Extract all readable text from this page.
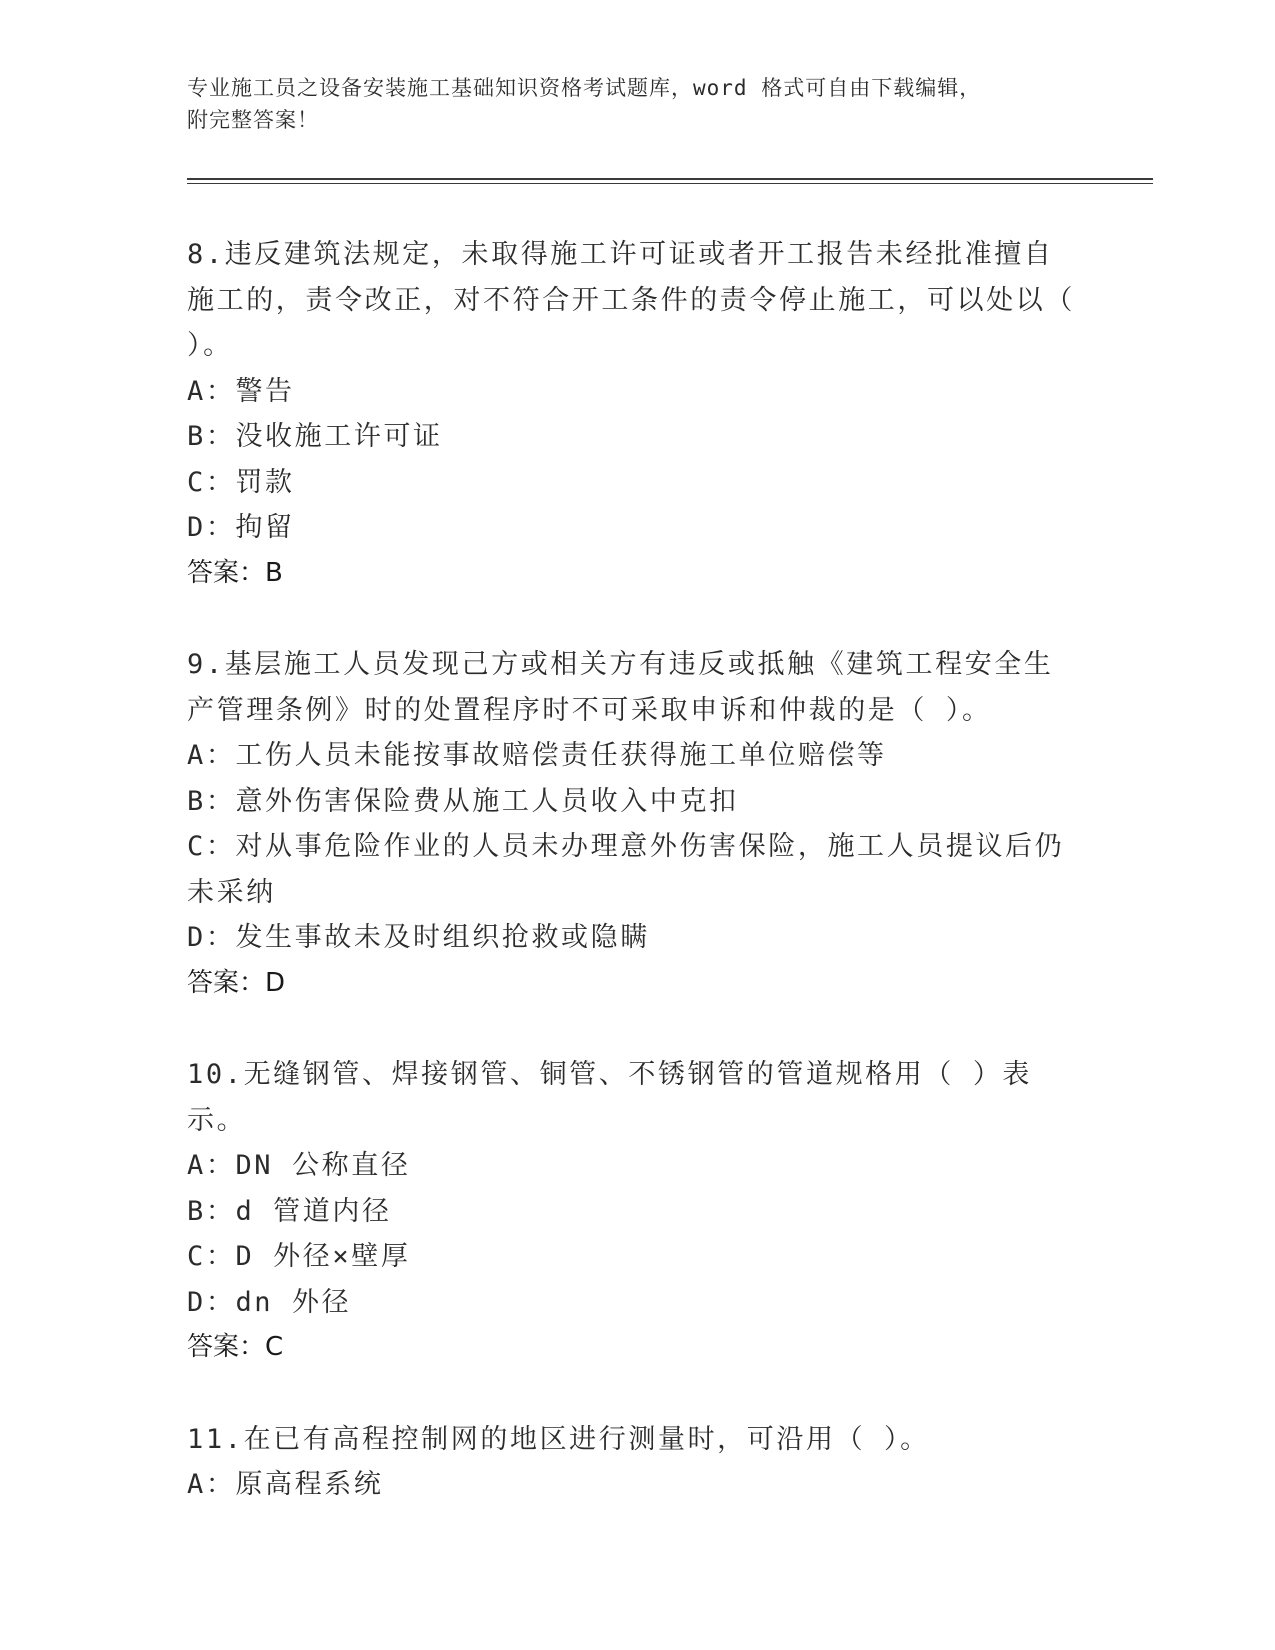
专业施工员之设备安装施工基础知识资格考试题库，word 格式可自由下载编辑，
附完整答案！
8.违反建筑法规定，未取得施工许可证或者开工报告未经批准擅自施工的，责令改正，对不符合开工条件的责令停止施工，可以处以（ ）。
A：警告
B：没收施工许可证
C：罚款
D：拘留
答案：B
9.基层施工人员发现己方或相关方有违反或抵触《建筑工程安全生产管理条例》时的处置程序时不可采取申诉和仲裁的是（ ）。
A：工伤人员未能按事故赔偿责任获得施工单位赔偿等
B：意外伤害保险费从施工人员收入中克扣
C：对从事危险作业的人员未办理意外伤害保险，施工人员提议后仍未采纳
D：发生事故未及时组织抢救或隐瞒
答案：D
10.无缝钢管、焊接钢管、铜管、不锈钢管的管道规格用（ ）表示。
A：DN 公称直径
B：d 管道内径
C：D 外径×壁厚
D：dn 外径
答案：C
11.在已有高程控制网的地区进行测量时，可沿用（ ）。
A：原高程系统
